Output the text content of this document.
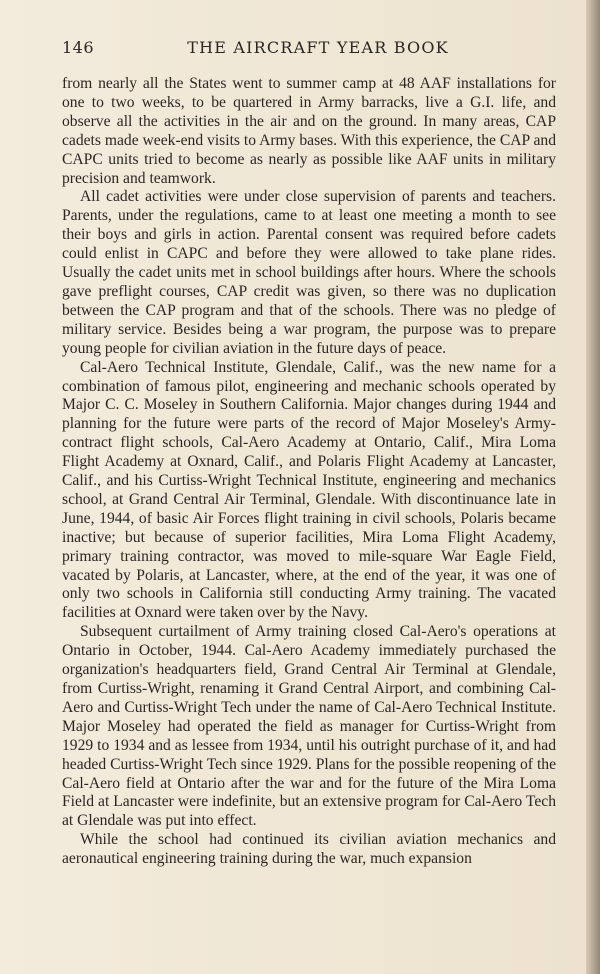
146	THE AIRCRAFT YEAR BOOK

from nearly all the States went to summer camp at 48 AAF installations for one to two weeks, to be quartered in Army barracks, live a G.I. life, and observe all the activities in the air and on the ground. In many areas, CAP cadets made week-end visits to Army bases. With this experience, the CAP and CAPC units tried to become as nearly as possible like AAF units in military precision and teamwork.

All cadet activities were under close supervision of parents and teachers. Parents, under the regulations, came to at least one meeting a month to see their boys and girls in action. Parental consent was required before cadets could enlist in CAPC and before they were allowed to take plane rides. Usually the cadet units met in school buildings after hours. Where the schools gave preflight courses, CAP credit was given, so there was no duplication between the CAP program and that of the schools. There was no pledge of military service. Besides being a war program, the purpose was to prepare young people for civilian aviation in the future days of peace.

Cal-Aero Technical Institute, Glendale, Calif., was the new name for a combination of famous pilot, engineering and mechanic schools operated by Major C. C. Moseley in Southern California. Major changes during 1944 and planning for the future were parts of the record of Major Moseley's Army-contract flight schools, Cal-Aero Academy at Ontario, Calif., Mira Loma Flight Academy at Oxnard, Calif., and Polaris Flight Academy at Lancaster, Calif., and his Curtiss-Wright Technical Institute, engineering and mechanics school, at Grand Central Air Terminal, Glendale. With discontinuance late in June, 1944, of basic Air Forces flight training in civil schools, Polaris became inactive; but because of superior facilities, Mira Loma Flight Academy, primary training contractor, was moved to mile-square War Eagle Field, vacated by Polaris, at Lancaster, where, at the end of the year, it was one of only two schools in California still conducting Army training. The vacated facilities at Oxnard were taken over by the Navy.

Subsequent curtailment of Army training closed Cal-Aero's operations at Ontario in October, 1944. Cal-Aero Academy immediately purchased the organization's headquarters field, Grand Central Air Terminal at Glendale, from Curtiss-Wright, renaming it Grand Central Airport, and combining Cal-Aero and Curtiss-Wright Tech under the name of Cal-Aero Technical Institute. Major Moseley had operated the field as manager for Curtiss-Wright from 1929 to 1934 and as lessee from 1934, until his outright purchase of it, and had headed Curtiss-Wright Tech since 1929. Plans for the possible reopening of the Cal-Aero field at Ontario after the war and for the future of the Mira Loma Field at Lancaster were indefinite, but an extensive program for Cal-Aero Tech at Glendale was put into effect.

While the school had continued its civilian aviation mechanics and aeronautical engineering training during the war, much expansion
